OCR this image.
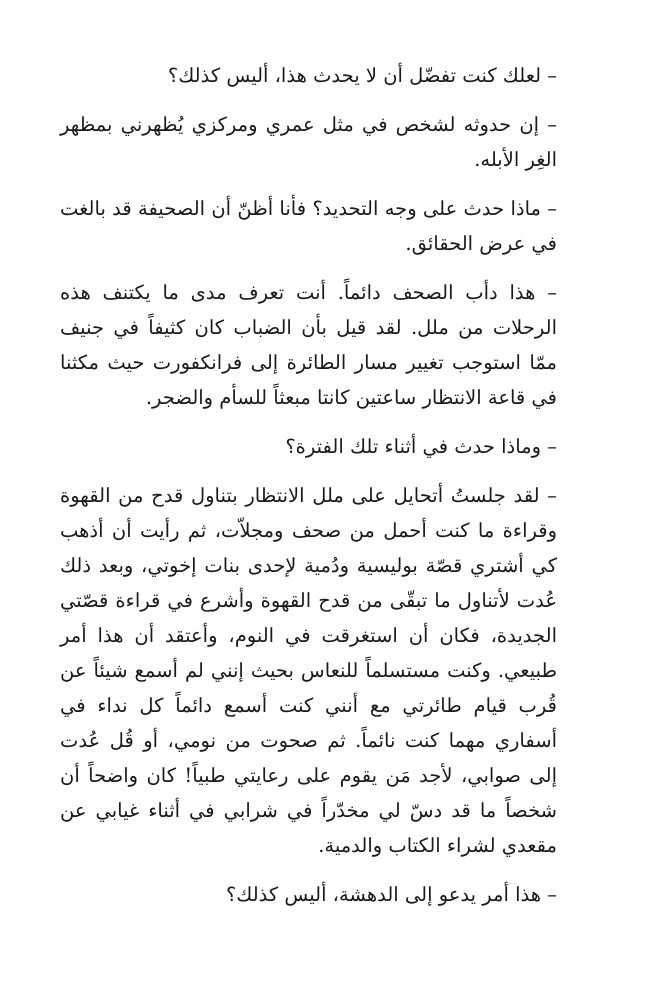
– لعلك كنت تفضّل أن لا يحدث هذا، أليس كذلك؟

– إن حدوثه لشخص في مثل عمري ومركزي يُظهرني بمظهر الغِر الأبله.

– ماذا حدث على وجه التحديد؟ فأنا أظنّ أن الصحيفة قد بالغت في عرض الحقائق.

– هذا دأب الصحف دائماً. أنت تعرف مدى ما يكتنف هذه الرحلات من ملل. لقد قيل بأن الضباب كان كثيفاً في جنيف ممّا استوجب تغيير مسار الطائرة إلى فرانكفورت حيث مكثنا في قاعة الانتظار ساعتين كانتا مبعثاً للسأم والضجر.

– وماذا حدث في أثناء تلك الفترة؟

– لقد جلستُ أتحايل على ملل الانتظار بتناول قدح من القهوة وقراءة ما كنت أحمل من صحف ومجلاّت، ثم رأيت أن أذهب كي أشتري قصّة بوليسية ودُمية لإحدى بنات إخوتي، وبعد ذلك عُدت لأتناول ما تبقّى من قدح القهوة وأشرع في قراءة قصّتي الجديدة، فكان أن استغرقت في النوم، وأعتقد أن هذا أمر طبيعي. وكنت مستسلماً للنعاس بحيث إنني لم أسمع شيئاً عن قُرب قيام طائرتي مع أنني كنت أسمع دائماً كل نداء في أسفاري مهما كنت نائماً. ثم صحوت من نومي، أو قُل عُدت إلى صوابي، لأجد مَن يقوم على رعايتي طبياً! كان واضحاً أن شخصاً ما قد دسّ لي مخدّراً في شرابي في أثناء غيابي عن مقعدي لشراء الكتاب والدمية.

– هذا أمر يدعو إلى الدهشة، أليس كذلك؟
